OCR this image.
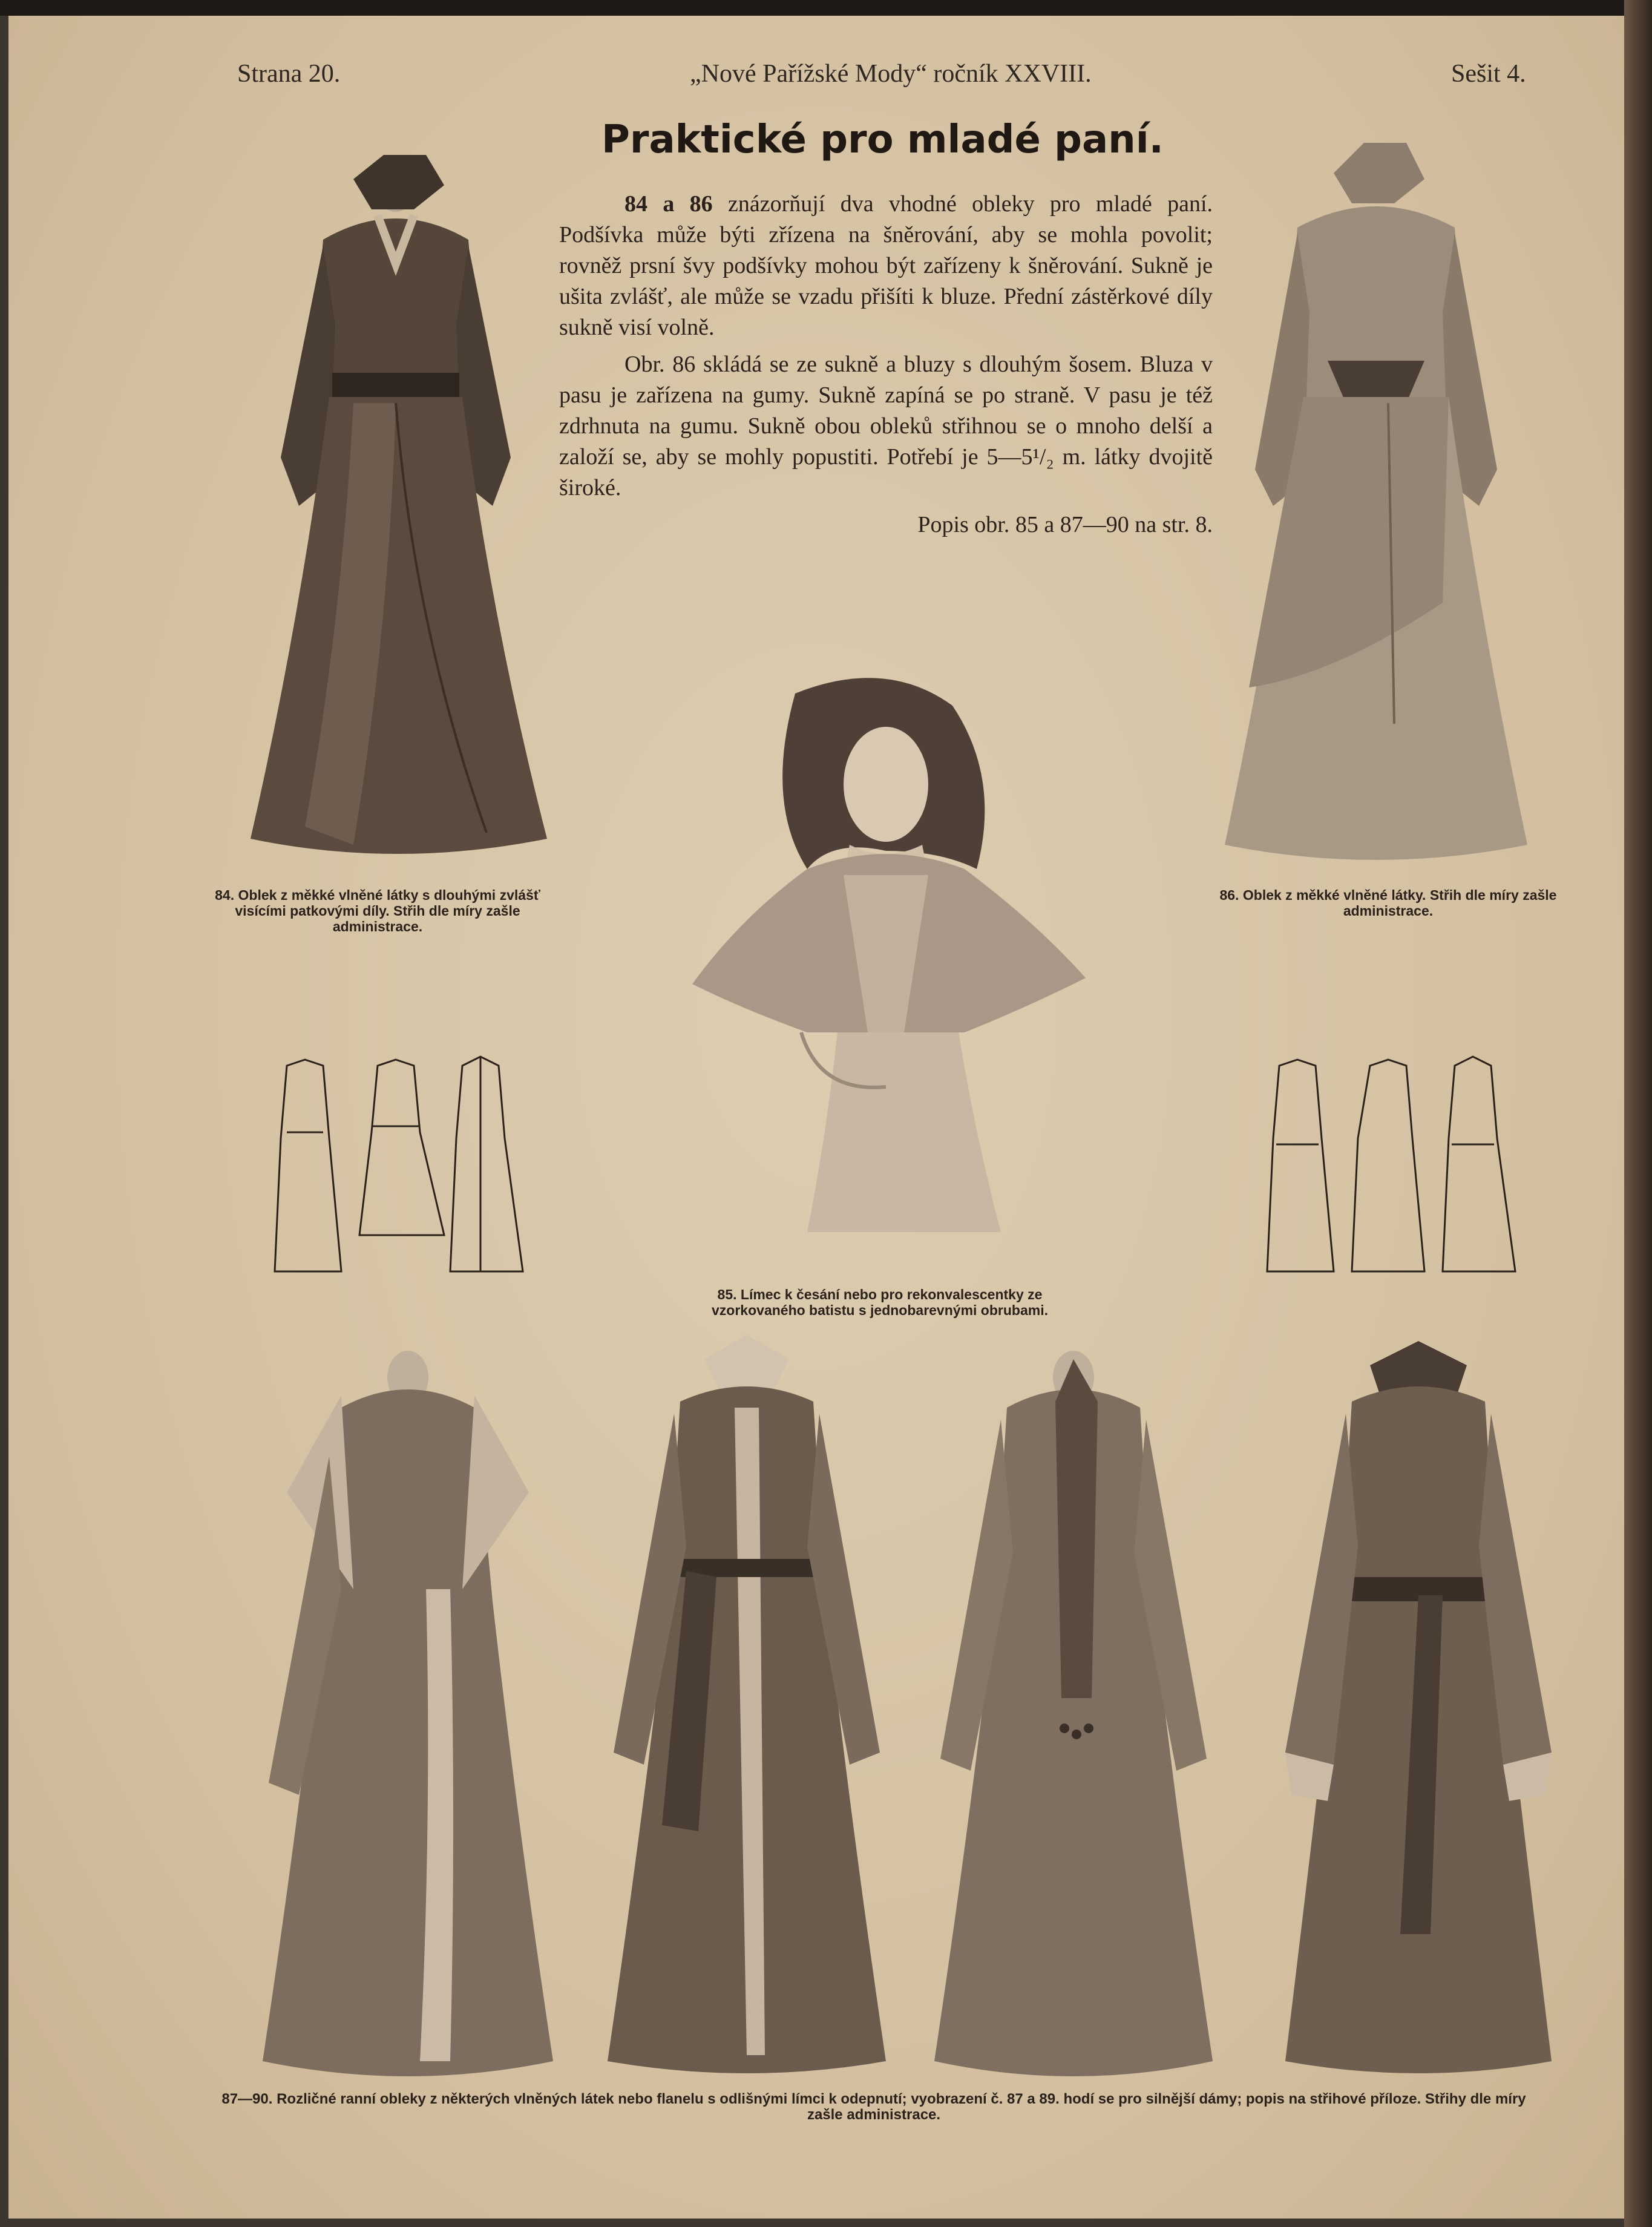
Strana 20.	„Nové Pařížské Mody“ ročník XXVIII.	Sešit 4.
Praktické pro mladé paní.

84 a 86 znázorňují dva vhodné obleky pro mladé paní. Podšívka může býti zřízena na šněrování, aby se mohla povolit; rovněž prsní švy podšívky mohou být zařízeny k šněrování. Sukně je ušita zvlášť, ale může se vzadu přišíti k bluze. Přední zástěrkové díly sukně visí volně.

Obr. 86 skládá se ze sukně a bluzy s dlouhým šosem. Bluza v pasu je zařízena na gumy. Sukně zapíná se po straně. V pasu je též zdrhnuta na gumu. Sukně obou obleků střihnou se o mnoho delší a založí se, aby se mohly popustiti. Potřebí je 5—5¹/₂ m. látky dvojitě široké.

Popis obr. 85 a 87—90 na str. 8.

84. Oblek z měkké vlněné látky s dlouhými zvlášť visícími patkovými díly. Střih dle míry zašle administrace.
86. Oblek z měkké vlněné látky. Střih dle míry zašle administrace.
85. Límec k česání nebo pro rekonvalescentky ze vzorkovaného batistu s jednobarevnými obrubami.
87—90. Rozličné ranní obleky z některých vlněných látek nebo flanelu s odlišnými límci k odepnutí; vyobrazení č. 87 a 89. hodí se pro silnější dámy; popis na střihové příloze. Střihy dle míry zašle administrace.
